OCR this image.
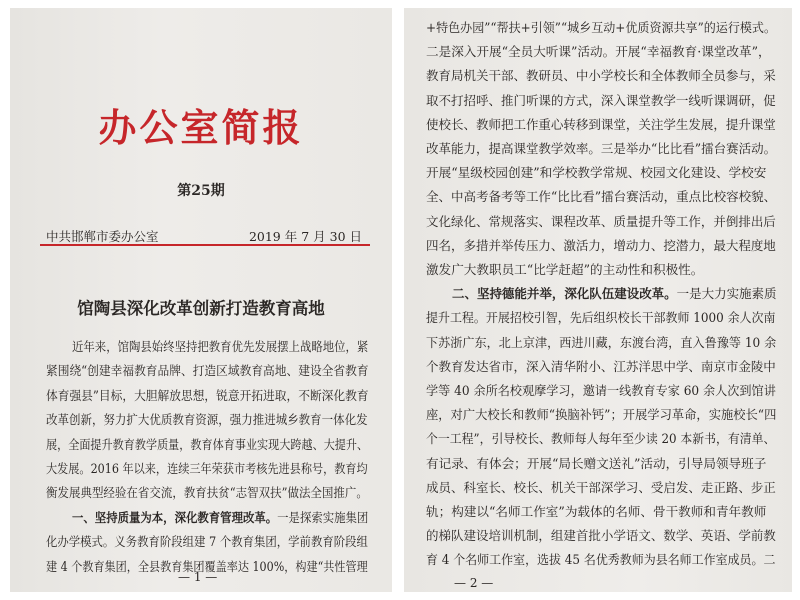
办公室简报
第25期
中共邯郸市委办公室	2019 年 7 月 30 日
馆陶县深化改革创新打造教育高地
近年来，馆陶县始终坚持把教育优先发展摆上战略地位，紧
紧围绕“创建幸福教育品牌、打造区域教育高地、建设全省教育
体育强县”目标，大胆解放思想，锐意开拓进取，不断深化教育
改革创新，努力扩大优质教育资源，强力推进城乡教育一体化发
展，全面提升教育教学质量，教育体育事业实现大跨越、大提升、
大发展。2016 年以来，连续三年荣获市考核先进县称号，教育均
衡发展典型经验在省交流，教育扶贫“志智双扶”做法全国推广。
一、坚持质量为本，深化教育管理改革。一是探索实施集团
化办学模式。义务教育阶段组建 7 个教育集团，学前教育阶段组
建 4 个教育集团，全县教育集团覆盖率达 100%，构建“共性管理
— 1 —
+特色办园”“帮扶+引领”“城乡互动+优质资源共享”的运行模式。
二是深入开展“全员大听课”活动。开展“幸福教育·课堂改革”，
教育局机关干部、教研员、中小学校长和全体教师全员参与，采
取不打招呼、推门听课的方式，深入课堂教学一线听课调研，促
使校长、教师把工作重心转移到课堂，关注学生发展，提升课堂
改革能力，提高课堂教学效率。三是举办“比比看”擂台赛活动。
开展“星级校园创建”和学校教学常规、校园文化建设、学校安
全、中高考备考等工作“比比看”擂台赛活动，重点比校容校貌、
文化绿化、常规落实、课程改革、质量提升等工作，并倒排出后
四名，多措并举传压力、激活力，增动力、挖潜力，最大程度地
激发广大教职员工“比学赶超”的主动性和积极性。
二、坚持德能并举，深化队伍建设改革。一是大力实施素质
提升工程。开展招校引智，先后组织校长干部教师 1000 余人次南
下苏浙广东，北上京津，西进川藏，东渡台湾，直入鲁豫等 10 余
个教育发达省市，深入清华附小、江苏洋思中学、南京市金陵中
学等 40 余所名校观摩学习，邀请一线教育专家 60 余人次到馆讲
座，对广大校长和教师“换脑补钙”；开展学习革命，实施校长“四
个一工程”，引导校长、教师每人每年至少读 20 本新书，有清单、
有记录、有体会；开展“局长赠文送礼”活动，引导局领导班子
成员、科室长、校长、机关干部深学习、受启发、走正路、步正
轨；构建以“名师工作室”为载体的名师、骨干教师和青年教师
的梯队建设培训机制，组建首批小学语文、数学、英语、学前教
育 4 个名师工作室，选拔 45 名优秀教师为县名师工作室成员。二
— 2 —
